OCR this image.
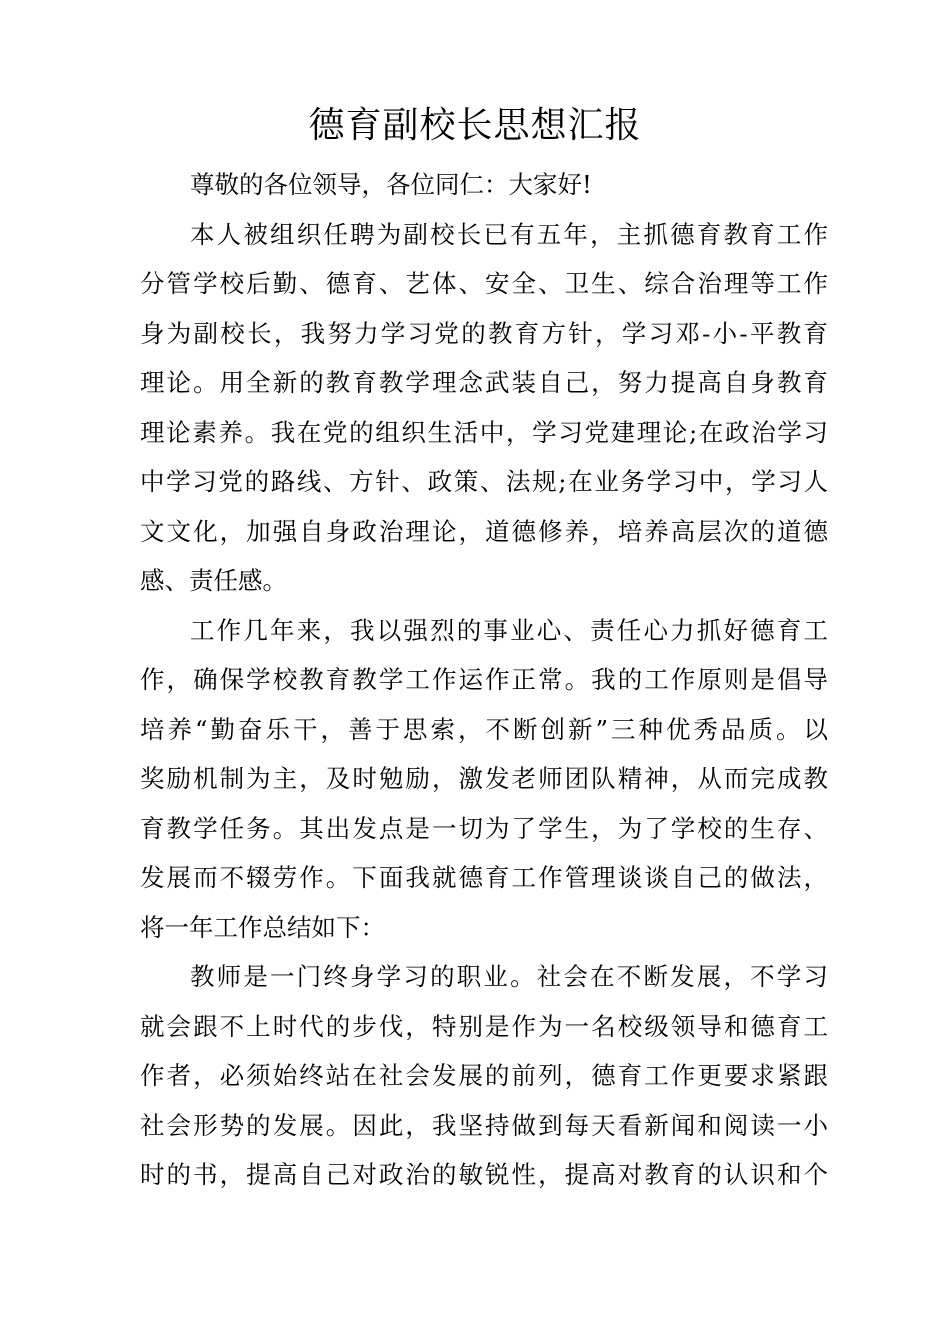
德育副校长思想汇报
尊敬的各位领导，各位同仁：大家好!
本人被组织任聘为副校长已有五年，主抓德育教育工作
分管学校后勤、德育、艺体、安全、卫生、综合治理等工作
身为副校长，我努力学习党的教育方针，学习邓-小-平教育
理论。用全新的教育教学理念武装自己，努力提高自身教育
理论素养。我在党的组织生活中，学习党建理论;在政治学习
中学习党的路线、方针、政策、法规;在业务学习中，学习人
文文化，加强自身政治理论，道德修养，培养高层次的道德
感、责任感。
工作几年来，我以强烈的事业心、责任心力抓好德育工
作，确保学校教育教学工作运作正常。我的工作原则是倡导
培养“勤奋乐干，善于思索，不断创新”三种优秀品质。以
奖励机制为主，及时勉励，激发老师团队精神，从而完成教
育教学任务。其出发点是一切为了学生，为了学校的生存、
发展而不辍劳作。下面我就德育工作管理谈谈自己的做法，
将一年工作总结如下：
教师是一门终身学习的职业。社会在不断发展，不学习
就会跟不上时代的步伐，特别是作为一名校级领导和德育工
作者，必须始终站在社会发展的前列，德育工作更要求紧跟
社会形势的发展。因此，我坚持做到每天看新闻和阅读一小
时的书，提高自己对政治的敏锐性，提高对教育的认识和个
